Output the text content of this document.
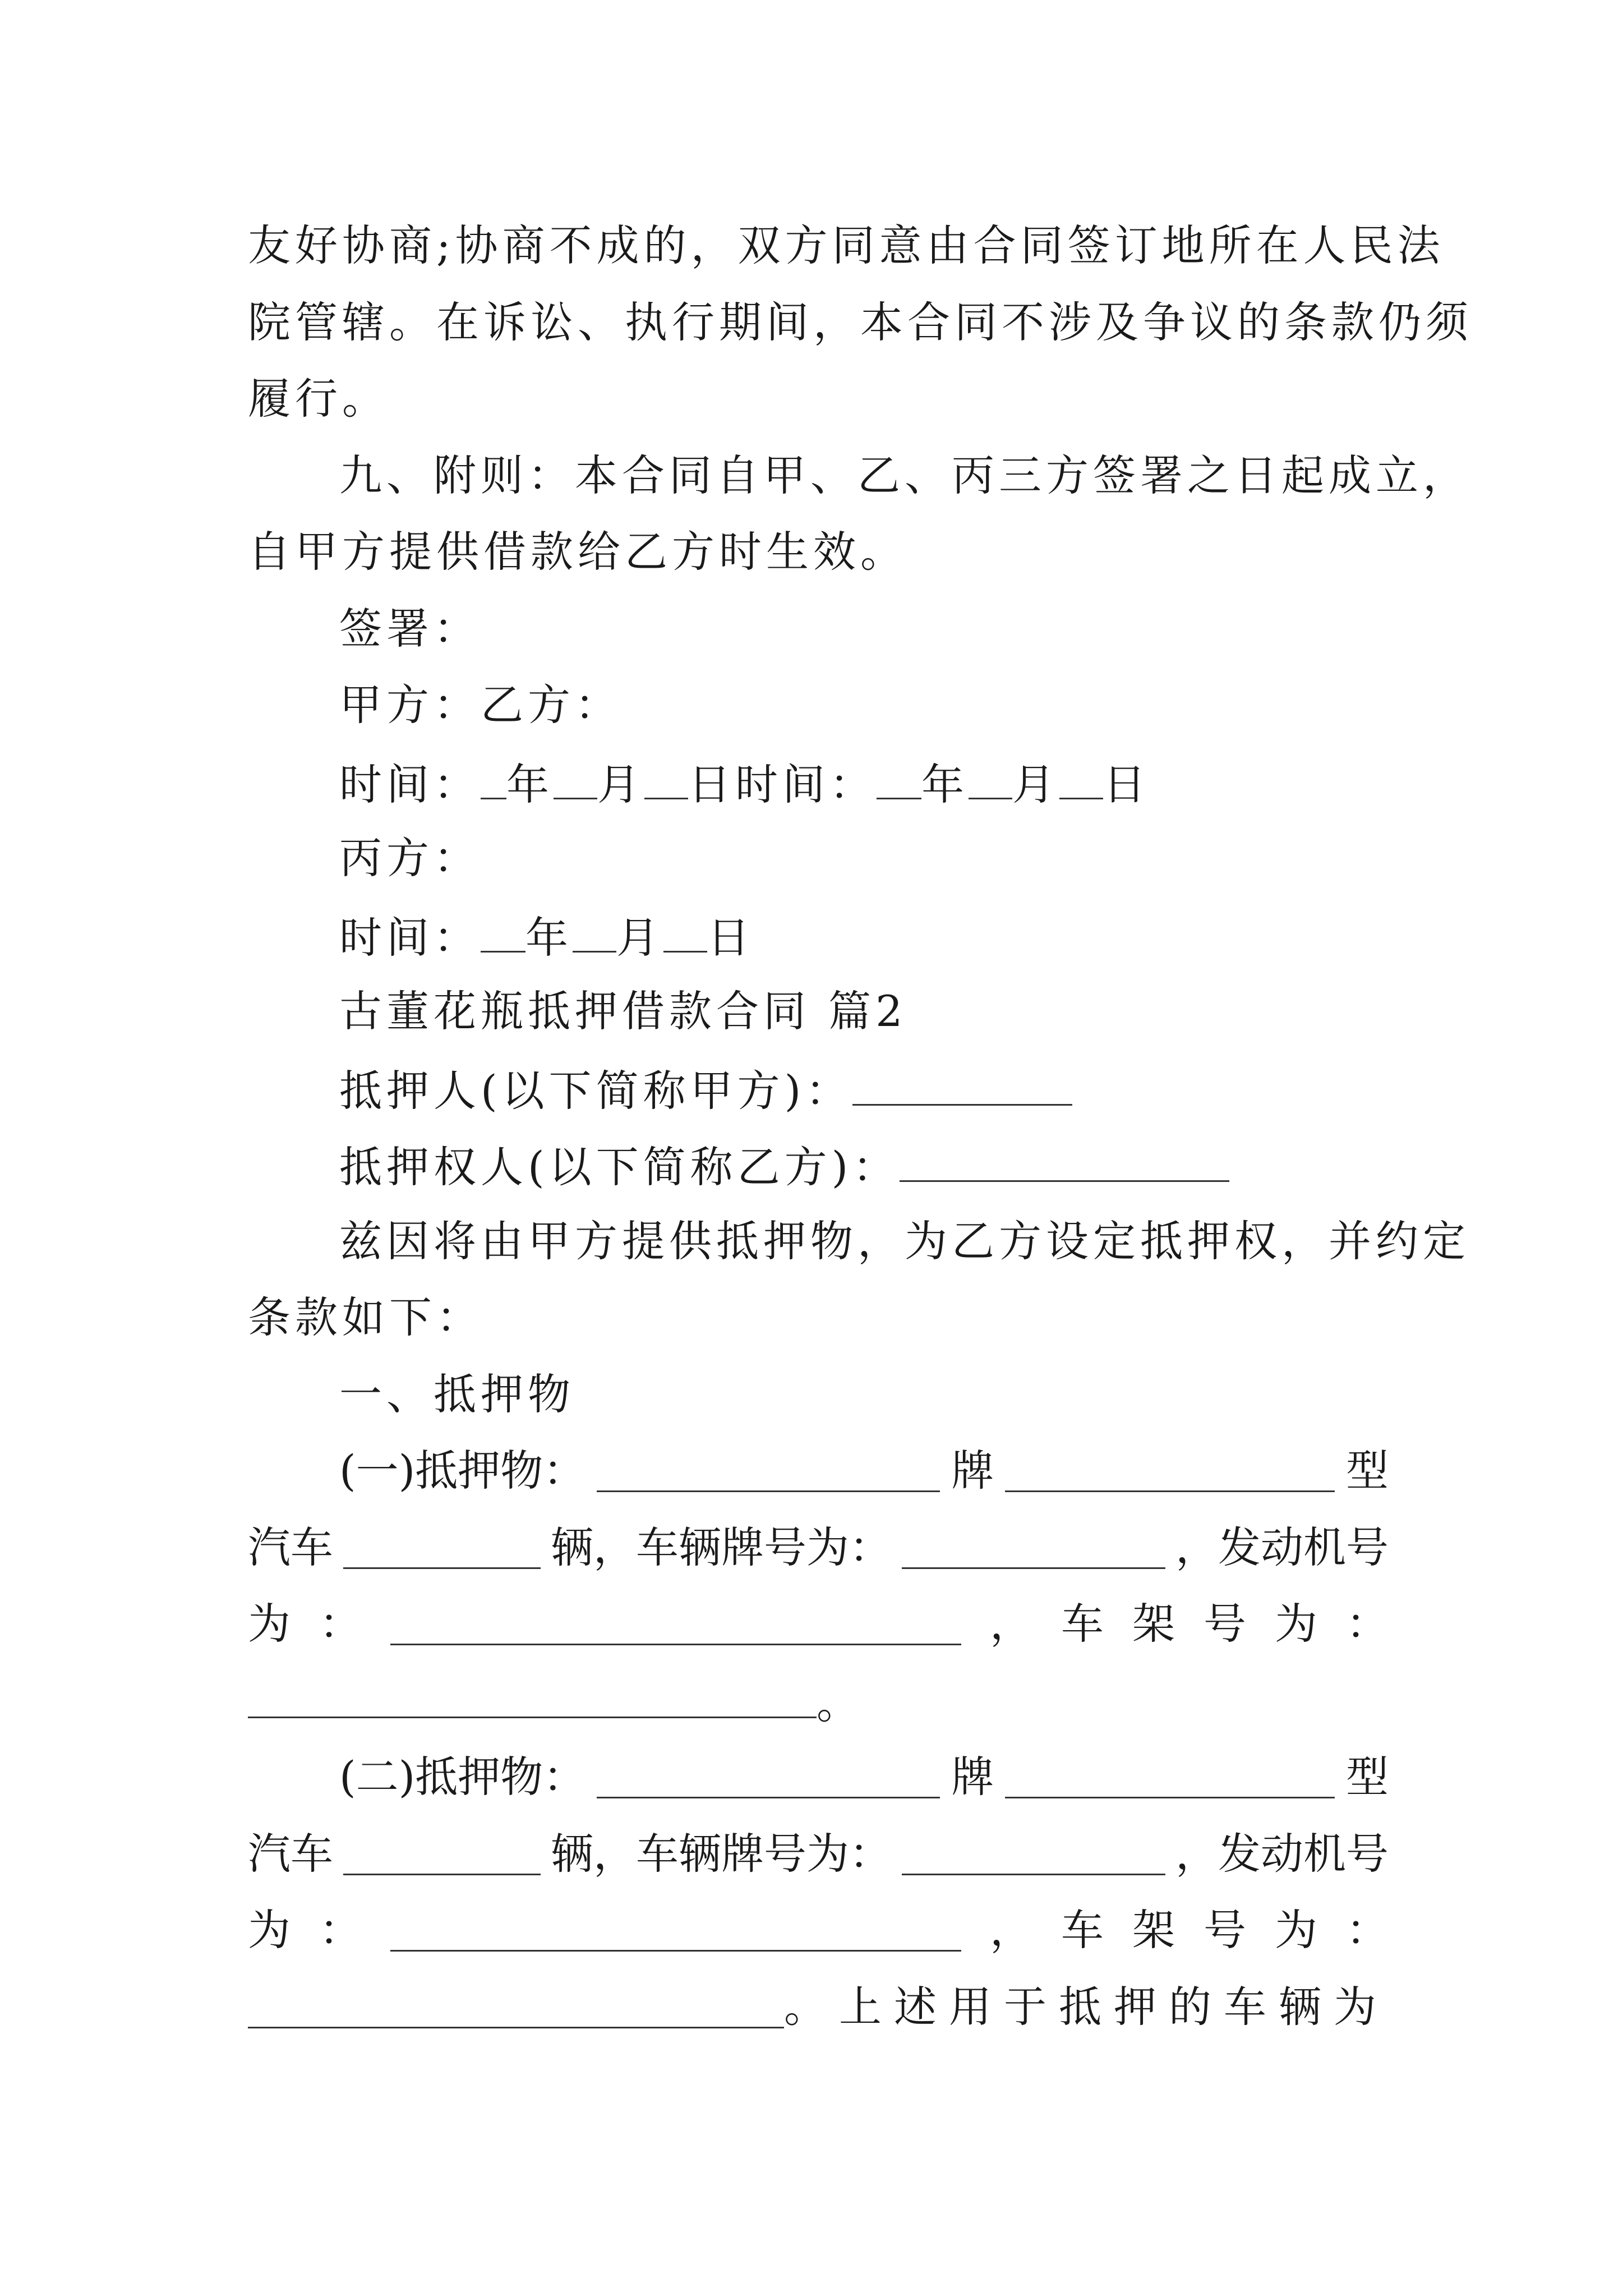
友好协商;协商不成的，双方同意由合同签订地所在人民法
院管辖。在诉讼、执行期间，本合同不涉及争议的条款仍须
履行。
九、附则：本合同自甲、乙、丙三方签署之日起成立，
自甲方提供借款给乙方时生效。
签署：
甲方：乙方：
时间： 年 月 日时间： 年 月 日
丙方：
时间： 年 月 日
古董花瓶抵押借款合同 篇2
抵押人(以下简称甲方)：
抵押权人(以下简称乙方)：
兹因将由甲方提供抵押物，为乙方设定抵押权，并约定
条款如下：
一、抵押物
(一)抵押物：	牌	型
汽车	辆，车辆牌号为：	，发动机号
为 ：	， 车 架 号 为 ：
。
(二)抵押物：	牌	型
汽车	辆，车辆牌号为：	，发动机号
为 ：	， 车 架 号 为 ：
。上述用于抵押的车辆为
